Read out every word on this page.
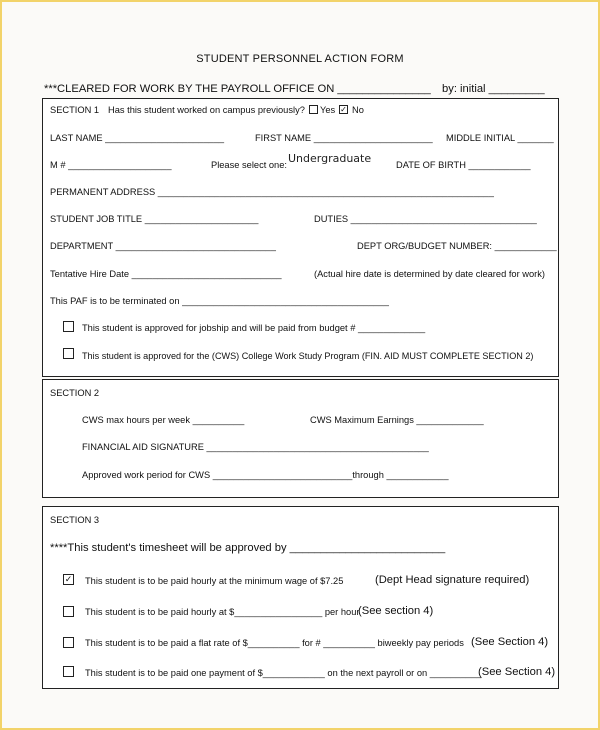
STUDENT PERSONNEL ACTION FORM
***CLEARED FOR WORK BY THE PAYROLL OFFICE ON _______________ by: initial _________
SECTION 1 Has this student worked on campus previously? Yes ✓ No
LAST NAME _______________________	FIRST NAME _______________________ MIDDLE INITIAL _______
M # ____________________	Please select one: Undergraduate	DATE OF BIRTH ____________
PERMANENT ADDRESS _________________________________________________________________
STUDENT JOB TITLE ______________________	DUTIES ____________________________________
DEPARTMENT _______________________________	DEPT ORG/BUDGET NUMBER: ____________
Tentative Hire Date _____________________________	(Actual hire date is determined by date cleared for work)
This PAF is to be terminated on ________________________________________
This student is approved for jobship and will be paid from budget # _____________
This student is approved for the (CWS) College Work Study Program (FIN. AID MUST COMPLETE SECTION 2)
SECTION 2
CWS max hours per week __________	CWS Maximum Earnings _____________
FINANCIAL AID SIGNATURE ___________________________________________
Approved work period for CWS ___________________________through ____________
SECTION 3
****This student's timesheet will be approved by _________________________
✓ This student is to be paid hourly at the minimum wage of $7.25	(Dept Head signature required)
This student is to be paid hourly at $_________________ per hour
(See section 4)
This student is to be paid a flat rate of $__________ for # __________ biweekly pay periods (See Section 4)
This student is to be paid one payment of $____________ on the next payroll or on __________
(See Section 4)
